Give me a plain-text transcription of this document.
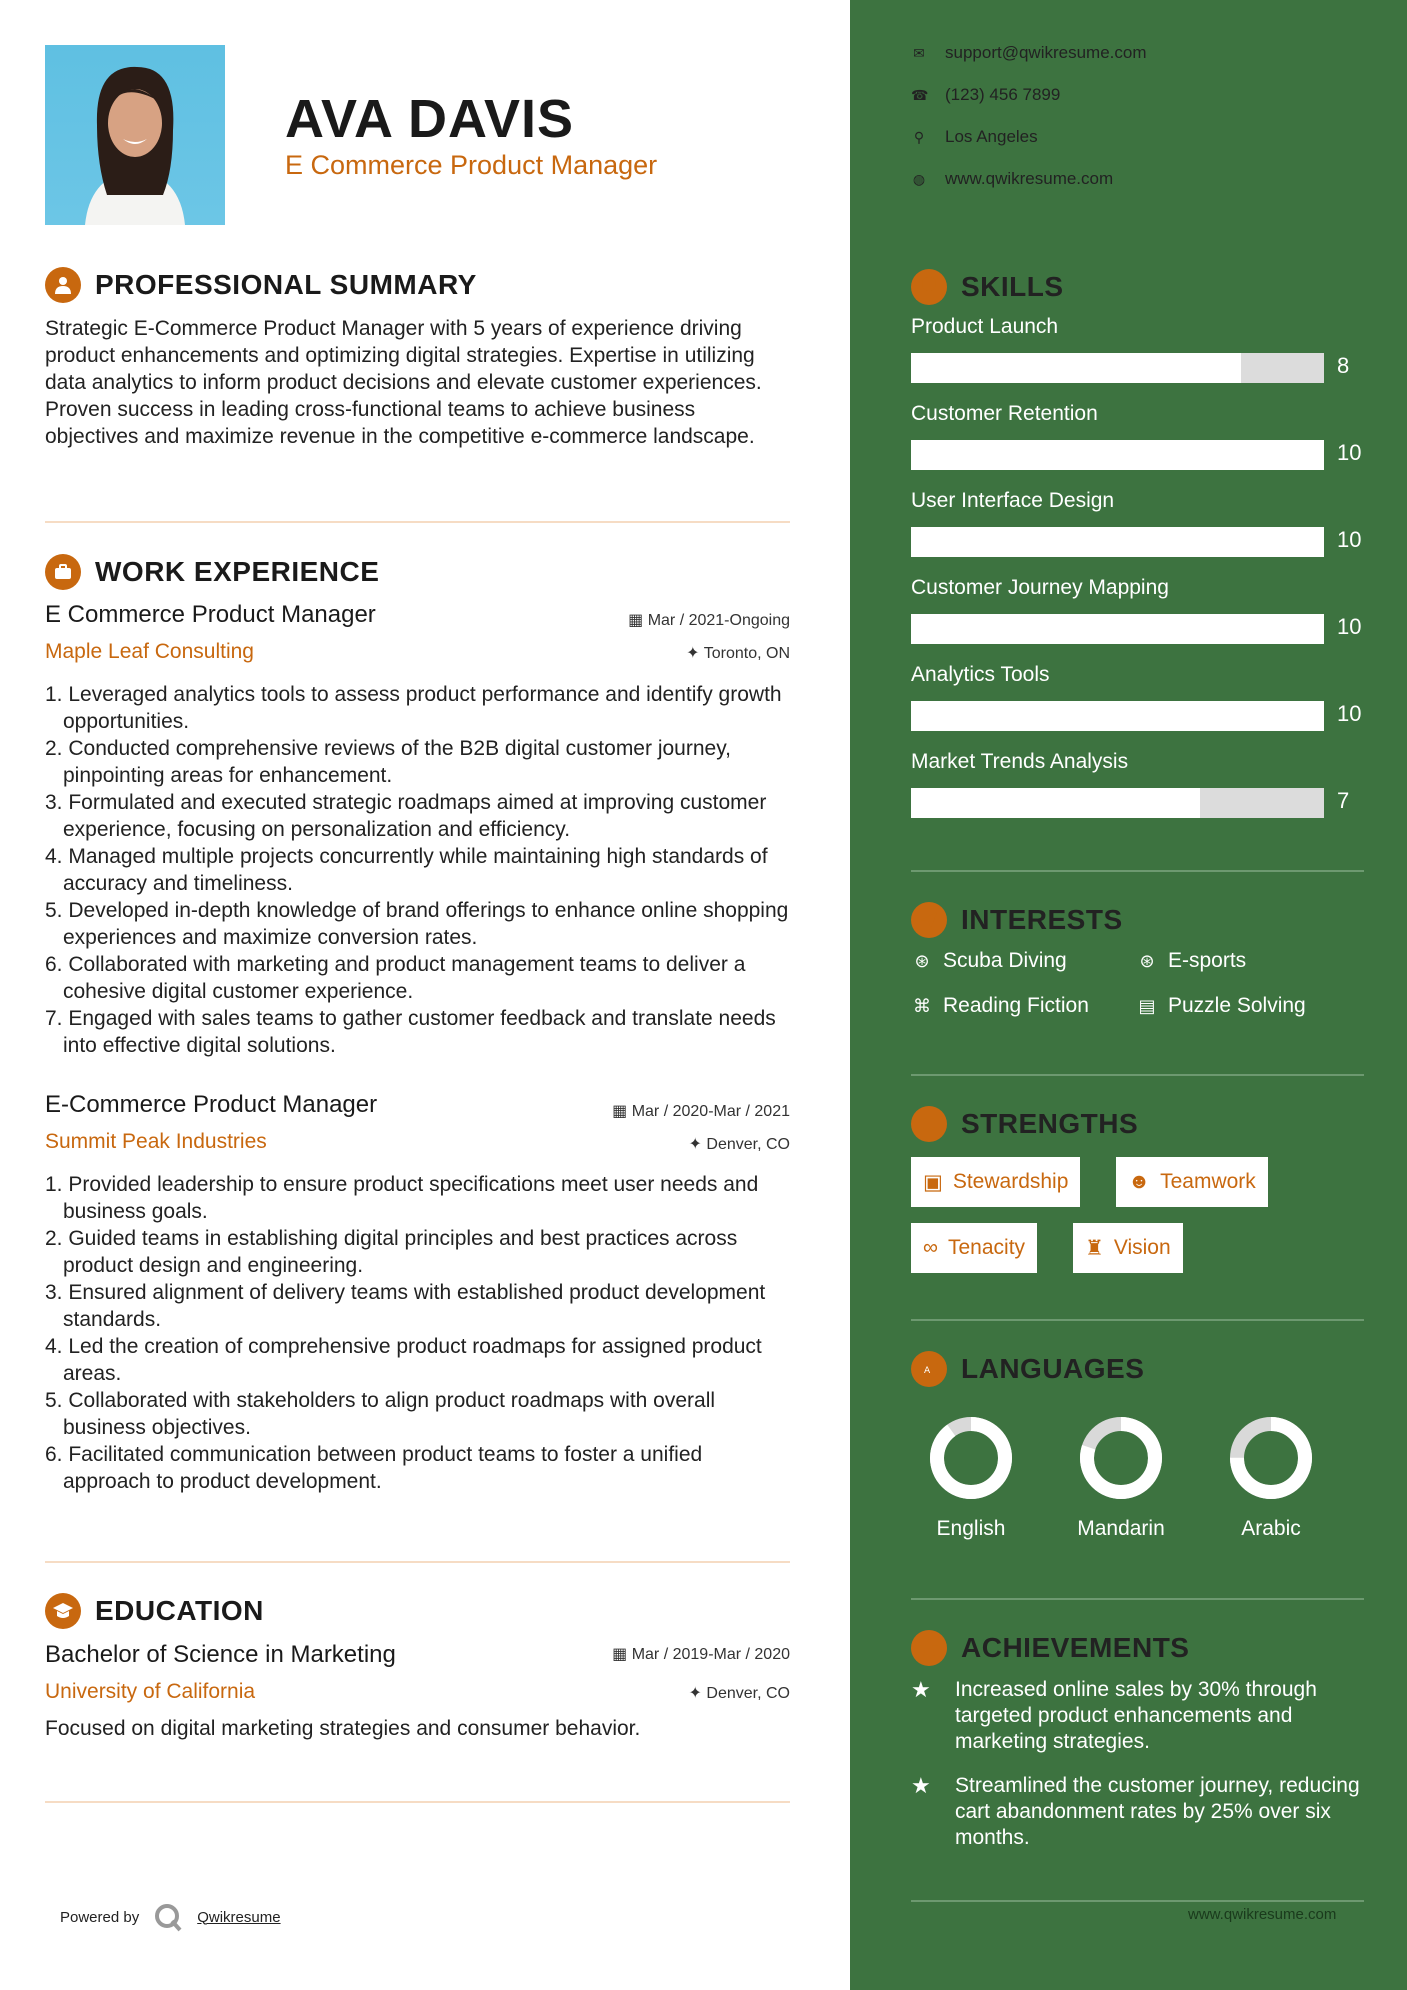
AVA DAVIS
E Commerce Product Manager
PROFESSIONAL SUMMARY
Strategic E-Commerce Product Manager with 5 years of experience driving product enhancements and optimizing digital strategies. Expertise in utilizing data analytics to inform product decisions and elevate customer experiences. Proven success in leading cross-functional teams to achieve business objectives and maximize revenue in the competitive e-commerce landscape.
WORK EXPERIENCE
E Commerce Product Manager	▦ Mar / 2021-Ongoing
Maple Leaf Consulting	✦ Toronto, ON
1. Leveraged analytics tools to assess product performance and identify growth opportunities.
2. Conducted comprehensive reviews of the B2B digital customer journey, pinpointing areas for enhancement.
3. Formulated and executed strategic roadmaps aimed at improving customer experience, focusing on personalization and efficiency.
4. Managed multiple projects concurrently while maintaining high standards of accuracy and timeliness.
5. Developed in-depth knowledge of brand offerings to enhance online shopping experiences and maximize conversion rates.
6. Collaborated with marketing and product management teams to deliver a cohesive digital customer experience.
7. Engaged with sales teams to gather customer feedback and translate needs into effective digital solutions.
E-Commerce Product Manager	▦ Mar / 2020-Mar / 2021
Summit Peak Industries	✦ Denver, CO
1. Provided leadership to ensure product specifications meet user needs and business goals.
2. Guided teams in establishing digital principles and best practices across product design and engineering.
3. Ensured alignment of delivery teams with established product development standards.
4. Led the creation of comprehensive product roadmaps for assigned product areas.
5. Collaborated with stakeholders to align product roadmaps with overall business objectives.
6. Facilitated communication between product teams to foster a unified approach to product development.
EDUCATION
Bachelor of Science in Marketing	▦ Mar / 2019-Mar / 2020
University of California	✦ Denver, CO
Focused on digital marketing strategies and consumer behavior.
Powered by	Qwikresume
✉ support@qwikresume.com
☎ (123) 456 7899
⚲ Los Angeles
◍ www.qwikresume.com
SKILLS
Product Launch
8
Customer Retention
10
User Interface Design
10
Customer Journey Mapping
10
Analytics Tools
10
Market Trends Analysis
7
INTERESTS
⊛ Scuba Diving	⊛ E-sports
⌘ Reading Fiction	▤ Puzzle Solving
STRENGTHS
▣ Stewardship	☻ Teamwork
∞ Tenacity	♜ Vision
A LANGUAGES
English	Mandarin	Arabic
ACHIEVEMENTS
★	Increased online sales by 30% through targeted product enhancements and marketing strategies.
★	Streamlined the customer journey, reducing cart abandonment rates by 25% over six months.
www.qwikresume.com
